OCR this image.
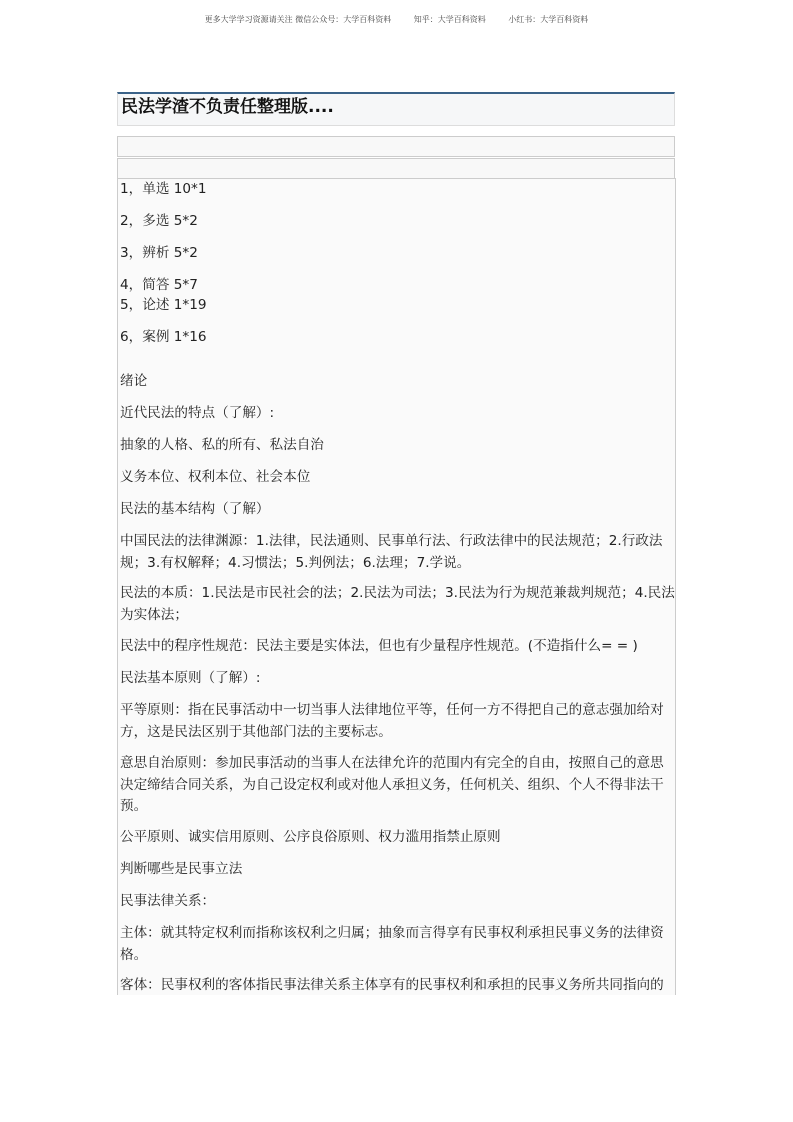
更多大学学习资源请关注 微信公众号：大学百科资料	知乎：大学百科资料	小红书：大学百科资料
民法学渣不负责任整理版....
1，单选 10*1
2，多选 5*2
3，辨析 5*2
4，简答 5*7
5，论述 1*19
6，案例 1*16
绪论
近代民法的特点（了解）:
抽象的人格、私的所有、私法自治
义务本位、权利本位、社会本位
民法的基本结构（了解）
中国民法的法律渊源：1.法律，民法通则、民事单行法、行政法律中的民法规范；2.行政法规；3.有权解释；4.习惯法；5.判例法；6.法理；7.学说。
民法的本质：1.民法是市民社会的法；2.民法为司法；3.民法为行为规范兼裁判规范；4.民法为实体法；
民法中的程序性规范：民法主要是实体法，但也有少量程序性规范。(不造指什么= = )
民法基本原则（了解）:
平等原则：指在民事活动中一切当事人法律地位平等，任何一方不得把自己的意志强加给对方，这是民法区别于其他部门法的主要标志。
意思自治原则：参加民事活动的当事人在法律允许的范围内有完全的自由，按照自己的意思决定缔结合同关系，为自己设定权利或对他人承担义务，任何机关、组织、个人不得非法干预。
公平原则、诚实信用原则、公序良俗原则、权力滥用指禁止原则
判断哪些是民事立法
民事法律关系：
主体：就其特定权利而指称该权利之归属；抽象而言得享有民事权利承担民事义务的法律资格。
客体：民事权利的客体指民事法律关系主体享有的民事权利和承担的民事义务所共同指向的
